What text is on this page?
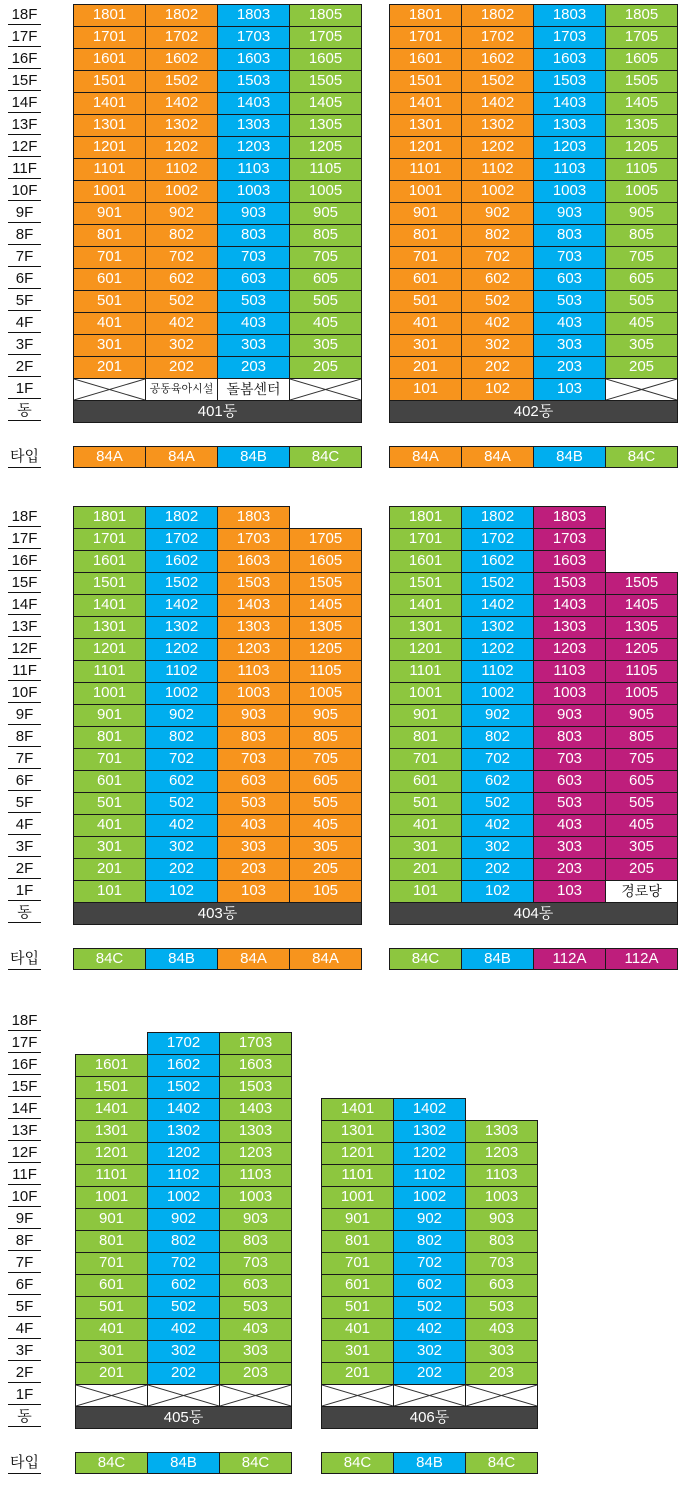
18F
17F
16F
15F
14F
13F
12F
11F
10F
9F
8F
7F
6F
5F
4F
3F
2F
1F
동
타입
201
301
401
501
601
701
801
901
1001
1101
1201
1301
1401
1501
1601
1701
1801
84A
202
302
402
502
602
702
802
902
1002
1102
1202
1302
1402
1502
1602
1702
1802
공동육아시설
84A
203
303
403
503
603
703
803
903
1003
1103
1203
1303
1403
1503
1603
1703
1803
돌봄센터
84B
205
305
405
505
605
705
805
905
1005
1105
1205
1305
1405
1505
1605
1705
1805
84C
401동
201
301
401
501
601
701
801
901
1001
1101
1201
1301
1401
1501
1601
1701
1801
101
84A
202
302
402
502
602
702
802
902
1002
1102
1202
1302
1402
1502
1602
1702
1802
102
84A
203
303
403
503
603
703
803
903
1003
1103
1203
1303
1403
1503
1603
1703
1803
103
84B
205
305
405
505
605
705
805
905
1005
1105
1205
1305
1405
1505
1605
1705
1805
84C
402동
18F
17F
16F
15F
14F
13F
12F
11F
10F
9F
8F
7F
6F
5F
4F
3F
2F
1F
동
타입
201
301
401
501
601
701
801
901
1001
1101
1201
1301
1401
1501
1601
1701
1801
101
84C
202
302
402
502
602
702
802
902
1002
1102
1202
1302
1402
1502
1602
1702
1802
102
84B
203
303
403
503
603
703
803
903
1003
1103
1203
1303
1403
1503
1603
1703
1803
103
84A
205
305
405
505
605
705
805
905
1005
1105
1205
1305
1405
1505
1605
1705
105
84A
403동
201
301
401
501
601
701
801
901
1001
1101
1201
1301
1401
1501
1601
1701
1801
101
84C
202
302
402
502
602
702
802
902
1002
1102
1202
1302
1402
1502
1602
1702
1802
102
84B
203
303
403
503
603
703
803
903
1003
1103
1203
1303
1403
1503
1603
1703
1803
103
112A
205
305
405
505
605
705
805
905
1005
1105
1205
1305
1405
1505
경로당
112A
404동
18F
17F
16F
15F
14F
13F
12F
11F
10F
9F
8F
7F
6F
5F
4F
3F
2F
1F
동
타입
201
301
401
501
601
701
801
901
1001
1101
1201
1301
1401
1501
1601
84C
202
302
402
502
602
702
802
902
1002
1102
1202
1302
1402
1502
1602
1702
84B
203
303
403
503
603
703
803
903
1003
1103
1203
1303
1403
1503
1603
1703
84C
405동
201
301
401
501
601
701
801
901
1001
1101
1201
1301
1401
84C
202
302
402
502
602
702
802
902
1002
1102
1202
1302
1402
84B
203
303
403
503
603
703
803
903
1003
1103
1203
1303
84C
406동
